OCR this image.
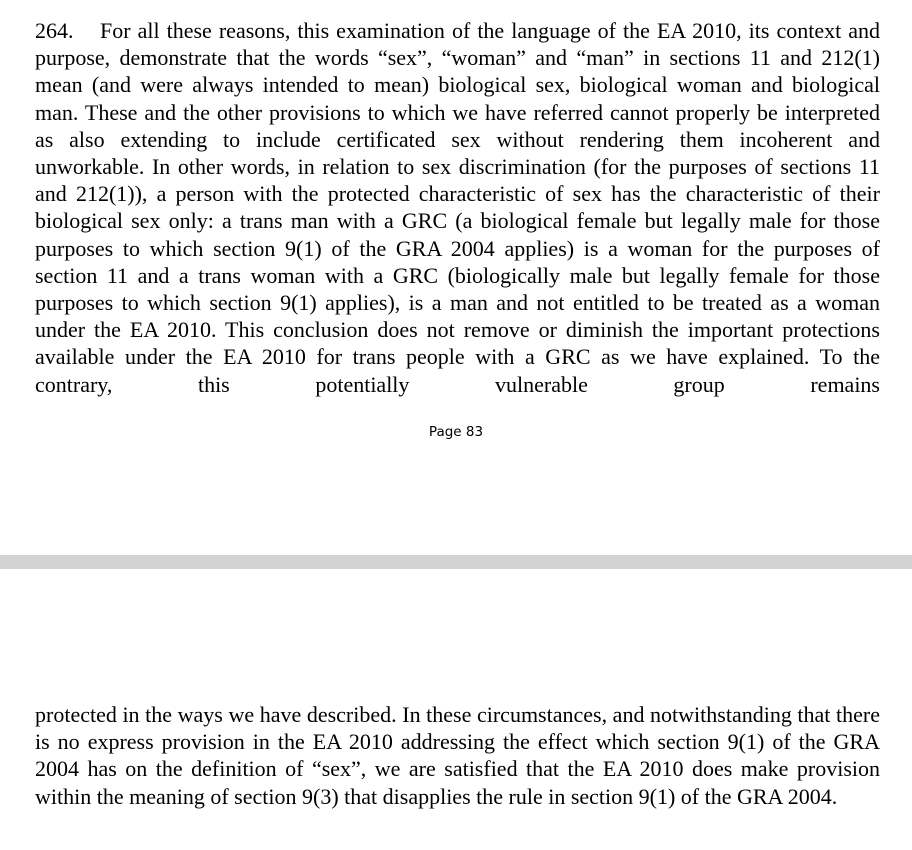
264. For all these reasons, this examination of the language of the EA 2010, its context and purpose, demonstrate that the words “sex”, “woman” and “man” in sections 11 and 212(1) mean (and were always intended to mean) biological sex, biological woman and biological man. These and the other provisions to which we have referred cannot properly be interpreted as also extending to include certificated sex without rendering them incoherent and unworkable. In other words, in relation to sex discrimination (for the purposes of sections 11 and 212(1)), a person with the protected characteristic of sex has the characteristic of their biological sex only: a trans man with a GRC (a biological female but legally male for those purposes to which section 9(1) of the GRA 2004 applies) is a woman for the purposes of section 11 and a trans woman with a GRC (biologically male but legally female for those purposes to which section 9(1) applies), is a man and not entitled to be treated as a woman under the EA 2010. This conclusion does not remove or diminish the important protections available under the EA 2010 for trans people with a GRC as we have explained. To the contrary, this potentially vulnerable group remains

Page 83

protected in the ways we have described. In these circumstances, and notwithstanding that there is no express provision in the EA 2010 addressing the effect which section 9(1) of the GRA 2004 has on the definition of “sex”, we are satisfied that the EA 2010 does make provision within the meaning of section 9(3) that disapplies the rule in section 9(1) of the GRA 2004.
